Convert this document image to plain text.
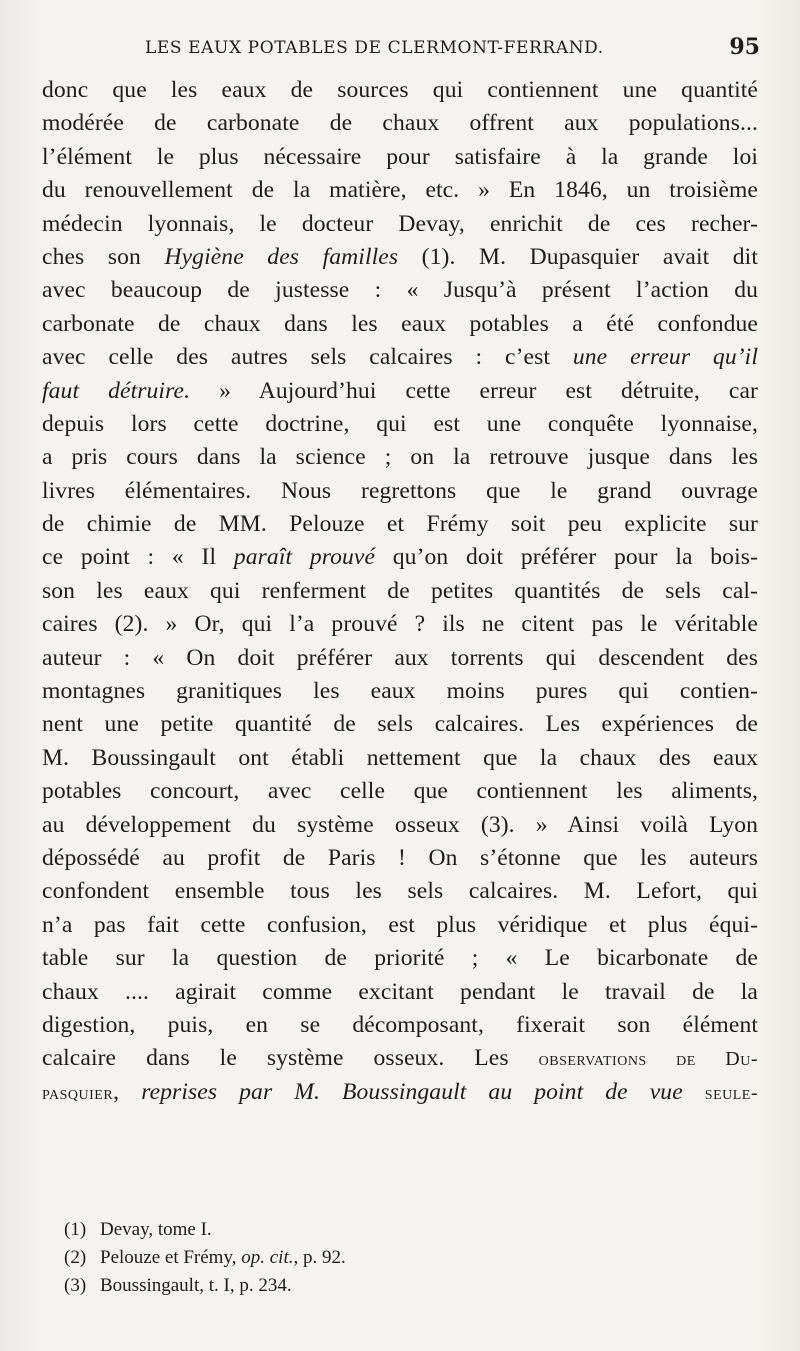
LES EAUX POTABLES DE CLERMONT-FERRAND.	95
donc que les eaux de sources qui contiennent une quantité
modérée de carbonate de chaux offrent aux populations...
l’élément le plus nécessaire pour satisfaire à la grande loi
du renouvellement de la matière, etc. » En 1846, un troisième
médecin lyonnais, le docteur Devay, enrichit de ces recher-
ches son Hygiène des familles (1). M. Dupasquier avait dit
avec beaucoup de justesse : « Jusqu’à présent l’action du
carbonate de chaux dans les eaux potables a été confondue
avec celle des autres sels calcaires : c’est une erreur qu’il
faut détruire. » Aujourd’hui cette erreur est détruite, car
depuis lors cette doctrine, qui est une conquête lyonnaise,
a pris cours dans la science ; on la retrouve jusque dans les
livres élémentaires. Nous regrettons que le grand ouvrage
de chimie de MM. Pelouze et Frémy soit peu explicite sur
ce point : « Il paraît prouvé qu’on doit préférer pour la bois-
son les eaux qui renferment de petites quantités de sels cal-
caires (2). » Or, qui l’a prouvé ? ils ne citent pas le véritable
auteur : « On doit préférer aux torrents qui descendent des
montagnes granitiques les eaux moins pures qui contien-
nent une petite quantité de sels calcaires. Les expériences de
M. Boussingault ont établi nettement que la chaux des eaux
potables concourt, avec celle que contiennent les aliments,
au développement du système osseux (3). » Ainsi voilà Lyon
dépossédé au profit de Paris ! On s’étonne que les auteurs
confondent ensemble tous les sels calcaires. M. Lefort, qui
n’a pas fait cette confusion, est plus véridique et plus équi-
table sur la question de priorité ; « Le bicarbonate de
chaux .... agirait comme excitant pendant le travail de la
digestion, puis, en se décomposant, fixerait son élément
calcaire dans le système osseux. Les observations de Du-
pasquier, reprises par M. Boussingault au point de vue seule-
(1) Devay, tome I.
(2) Pelouze et Frémy, op. cit., p. 92.
(3) Boussingault, t. I, p. 234.
